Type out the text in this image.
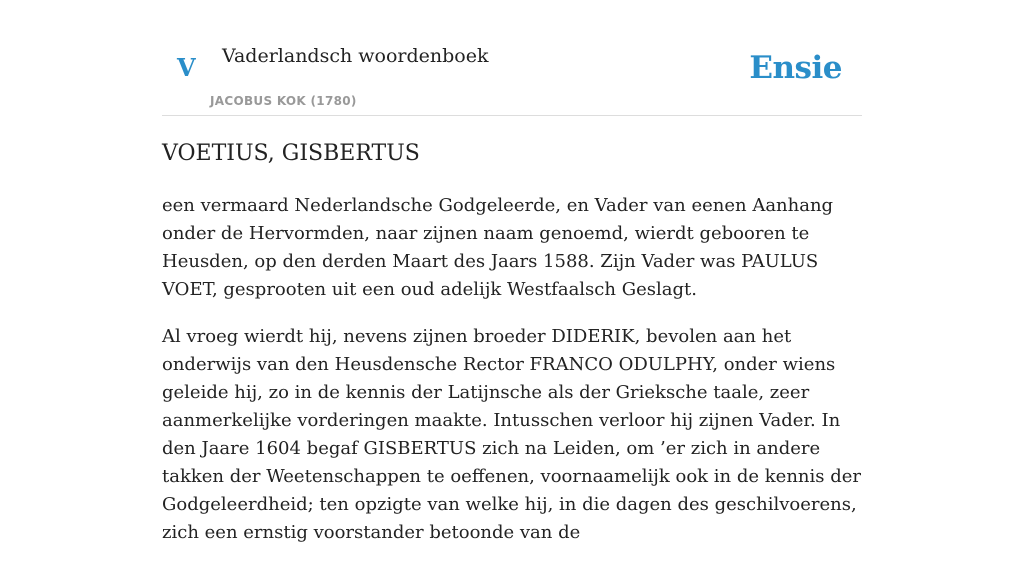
V Vaderlandsch woordenboek
JACOBUS KOK (1780)
Ensie
VOETIUS, GISBERTUS

een vermaard Nederlandsche Godgeleerde, en Vader van eenen Aanhang onder de Hervormden, naar zijnen naam genoemd, wierdt gebooren te Heusden, op den derden Maart des Jaars 1588. Zijn Vader was PAULUS VOET, gesprooten uit een oud adelijk Westfaalsch Geslagt.

Al vroeg wierdt hij, nevens zijnen broeder DIDERIK, bevolen aan het onderwijs van den Heusdensche Rector FRANCO ODULPHY, onder wiens geleide hij, zo in de kennis der Latijnsche als der Grieksche taale, zeer aanmerkelijke vorderingen maakte. Intusschen verloor hij zijnen Vader. In den Jaare 1604 begaf GISBERTUS zich na Leiden, om ’er zich in andere takken der Weetenschappen te oeffenen, voornaamelijk ook in de kennis der Godgeleerdheid; ten opzigte van welke hij, in die dagen des geschilvoerens, zich een ernstig voorstander betoonde van de
